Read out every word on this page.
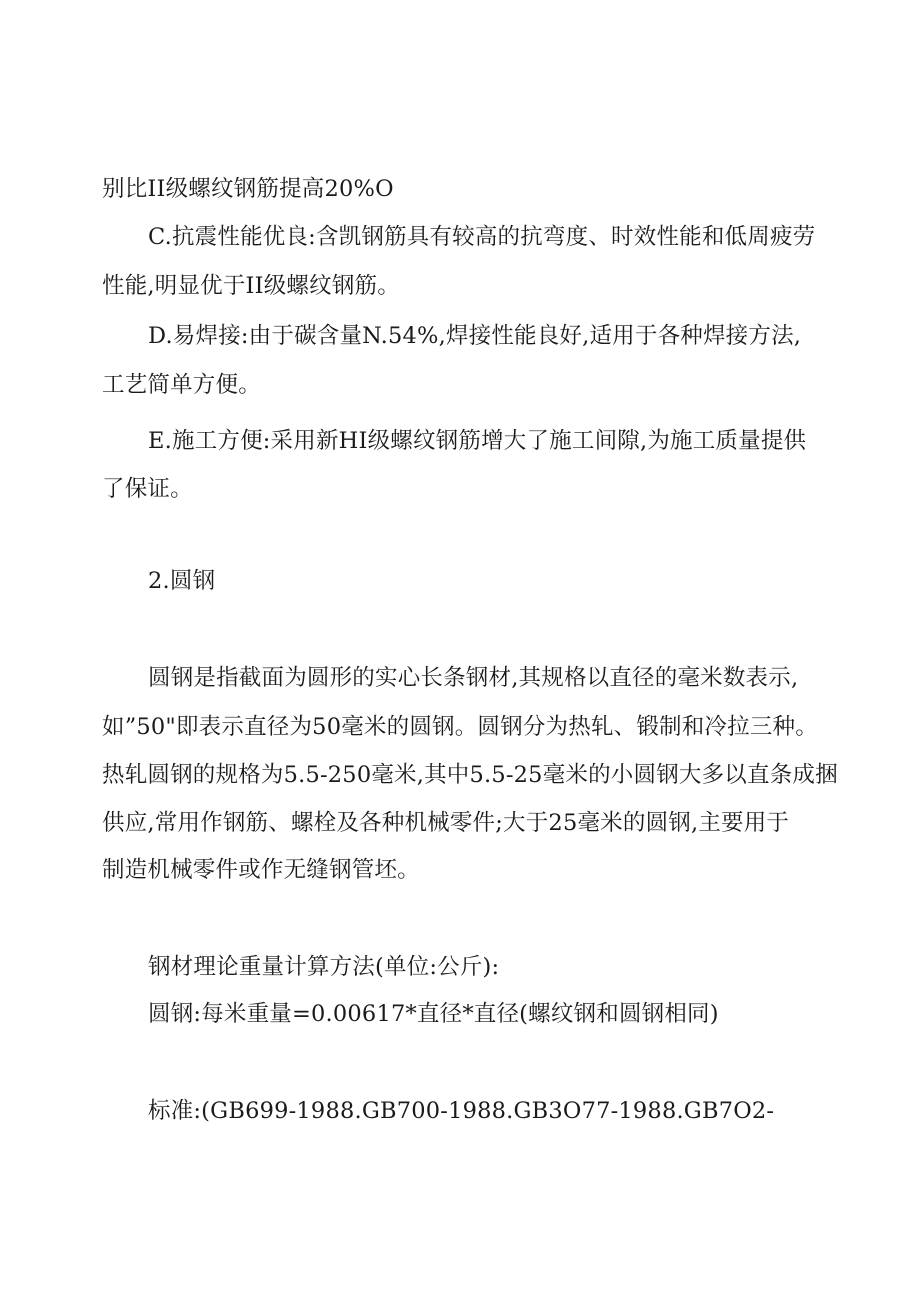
别比II级螺纹钢筋提高20%O
C.抗震性能优良:含凯钢筋具有较高的抗弯度、时效性能和低周疲劳
性能,明显优于II级螺纹钢筋。
D.易焊接:由于碳含量N.54%,焊接性能良好,适用于各种焊接方法,
工艺简单方便。
E.施工方便:采用新HI级螺纹钢筋增大了施工间隙,为施工质量提供
了保证。
2.圆钢
圆钢是指截面为圆形的实心长条钢材,其规格以直径的毫米数表示,
如”50"即表示直径为50毫米的圆钢。圆钢分为热轧、锻制和冷拉三种。
热轧圆钢的规格为5.5-250毫米,其中5.5-25毫米的小圆钢大多以直条成捆
供应,常用作钢筋、螺栓及各种机械零件;大于25毫米的圆钢,主要用于
制造机械零件或作无缝钢管坯。
钢材理论重量计算方法(单位:公斤):
圆钢:每米重量=0.00617*直径*直径(螺纹钢和圆钢相同)
标准:(GB699-1988.GB700-1988.GB3O77-1988.GB7O2-
